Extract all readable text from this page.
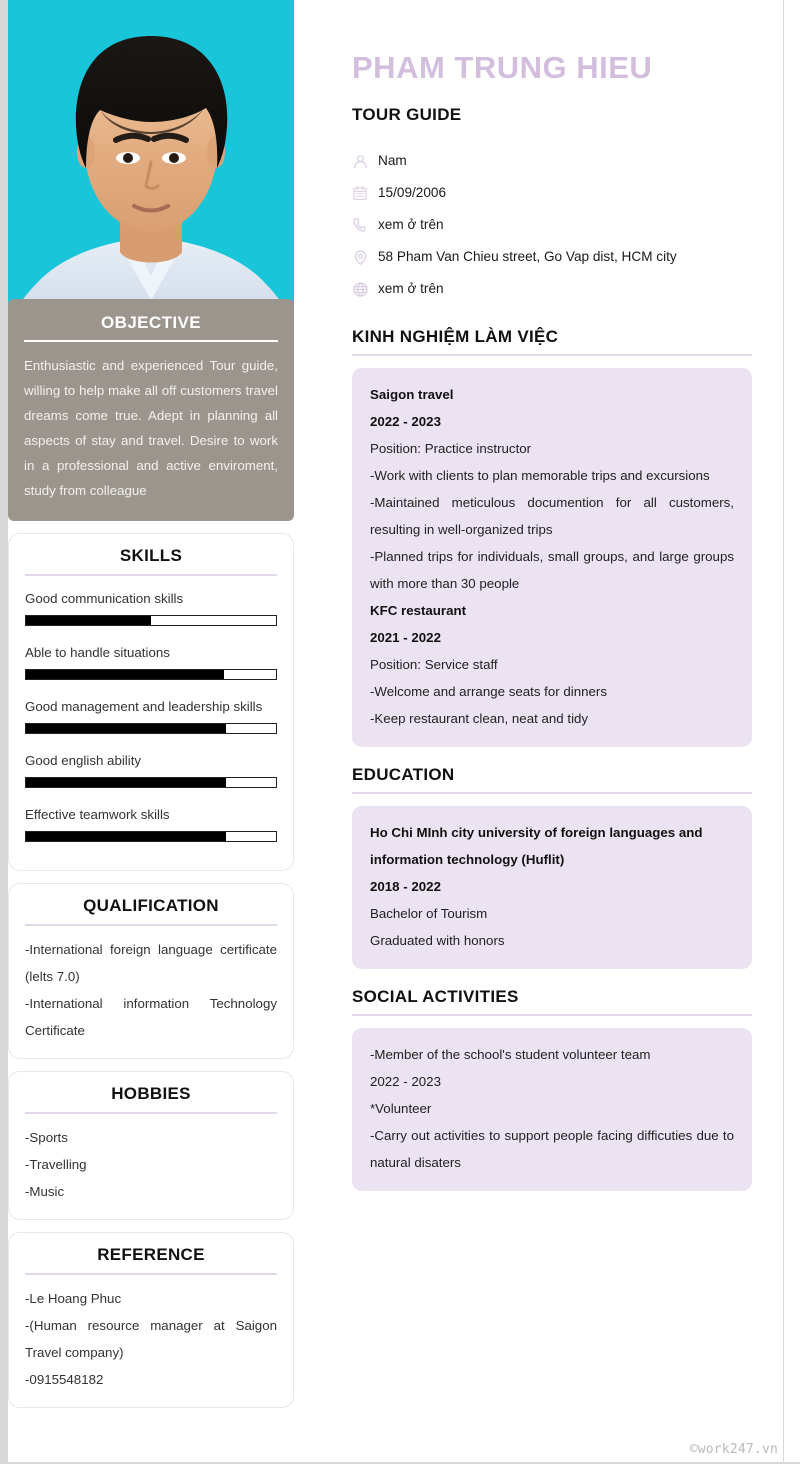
OBJECTIVE

Enthusiastic and experienced Tour guide, willing to help make all off customers travel dreams come true. Adept in planning all aspects of stay and travel. Desire to work in a professional and active enviroment, study from colleague

SKILLS
Good communication skills
Able to handle situations
Good management and leadership skills
Good english ability
Effective teamwork skills
QUALIFICATION

-International foreign language certificate (lelts 7.0)

-International information Technology Certificate

HOBBIES
-Sports
-Travelling
-Music
REFERENCE
-Le Hoang Phuc

-(Human resource manager at Saigon Travel company)

-0915548182
PHAM TRUNG HIEU
TOUR GUIDE
Nam
15/09/2006
xem ở trên
58 Pham Van Chieu street, Go Vap dist, HCM city
xem ở trên
KINH NGHIỆM LÀM VIỆC
Saigon travel
2022 - 2023
Position: Practice instructor
-Work with clients to plan memorable trips and excursions
-Maintained meticulous documention for all customers, resulting in well-organized trips
-Planned trips for individuals, small groups, and large groups with more than 30 people
KFC restaurant
2021 - 2022
Position: Service staff
-Welcome and arrange seats for dinners
-Keep restaurant clean, neat and tidy
EDUCATION
Ho Chi MInh city university of foreign languages and information technology (Huflit)
2018 - 2022
Bachelor of Tourism
Graduated with honors
SOCIAL ACTIVITIES
-Member of the school's student volunteer team
2022 - 2023
*Volunteer
-Carry out activities to support people facing difficuties due to natural disaters
©work247.vn
